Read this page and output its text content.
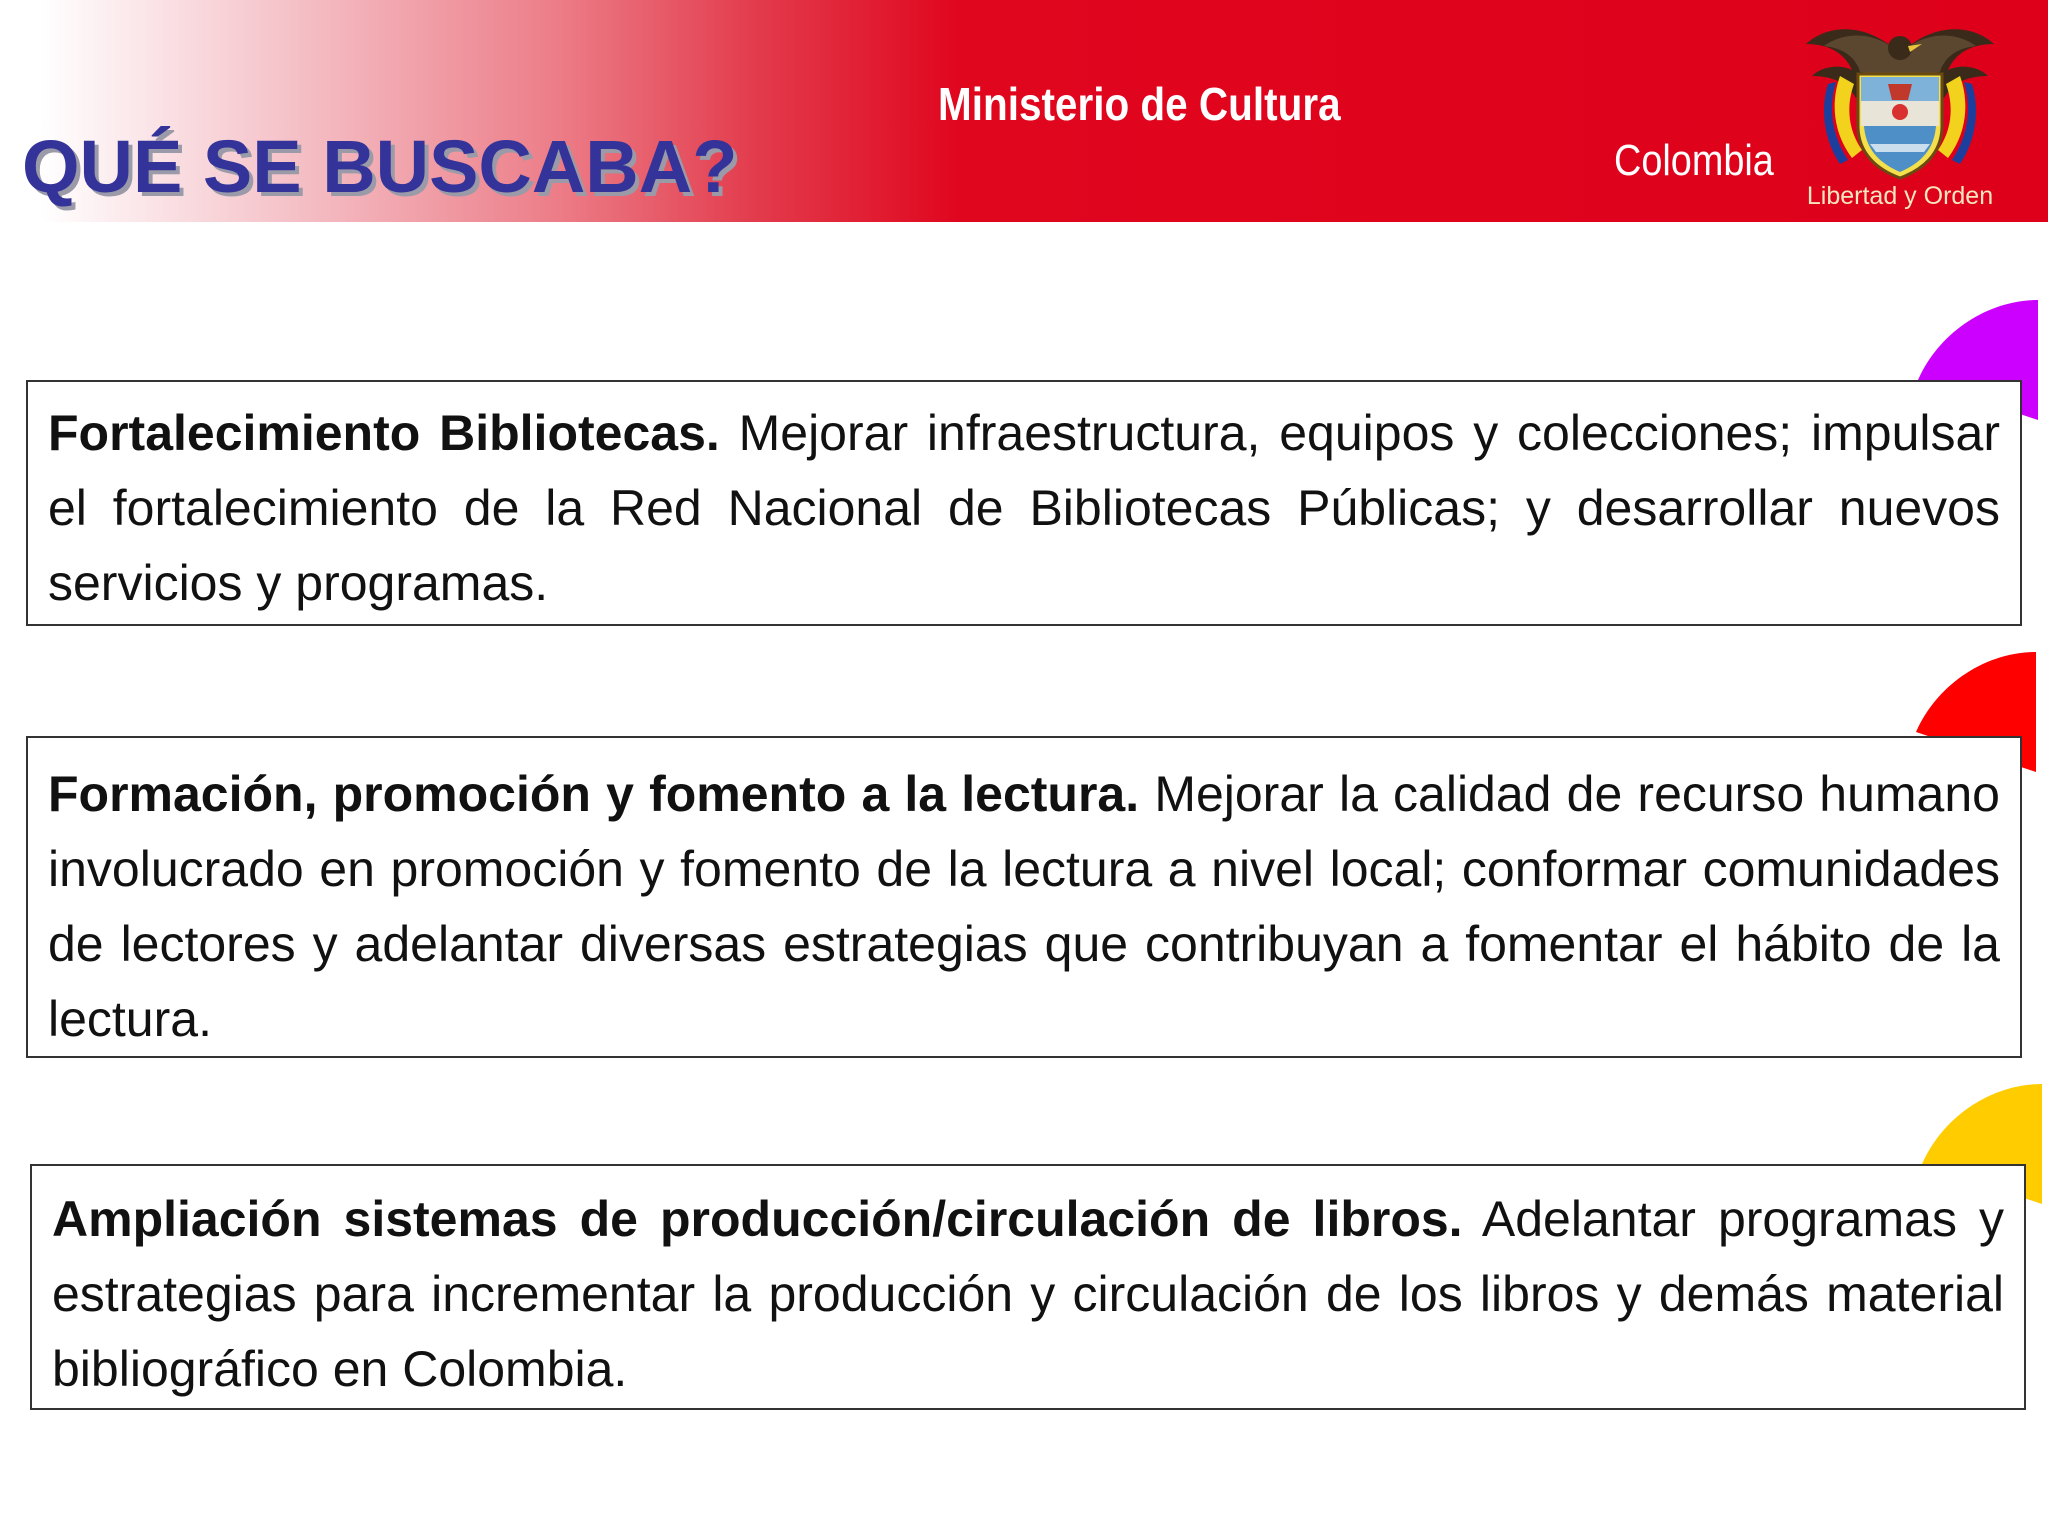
QUÉ SE BUSCABA?
Ministerio de Cultura
Colombia
Libertad y Orden

Fortalecimiento Bibliotecas. Mejorar infraestructura, equipos y colecciones; impulsar el fortalecimiento de la Red Nacional de Bibliotecas Públicas; y desarrollar nuevos servicios y programas.

Formación, promoción y fomento a la lectura. Mejorar la calidad de recurso humano involucrado en promoción y fomento de la lectura a nivel local; conformar comunidades de lectores y adelantar diversas estrategias que contribuyan a fomentar el hábito de la lectura.

Ampliación sistemas de producción/circulación de libros. Adelantar programas y estrategias para incrementar la producción y circulación de los libros y demás material bibliográfico en Colombia.
